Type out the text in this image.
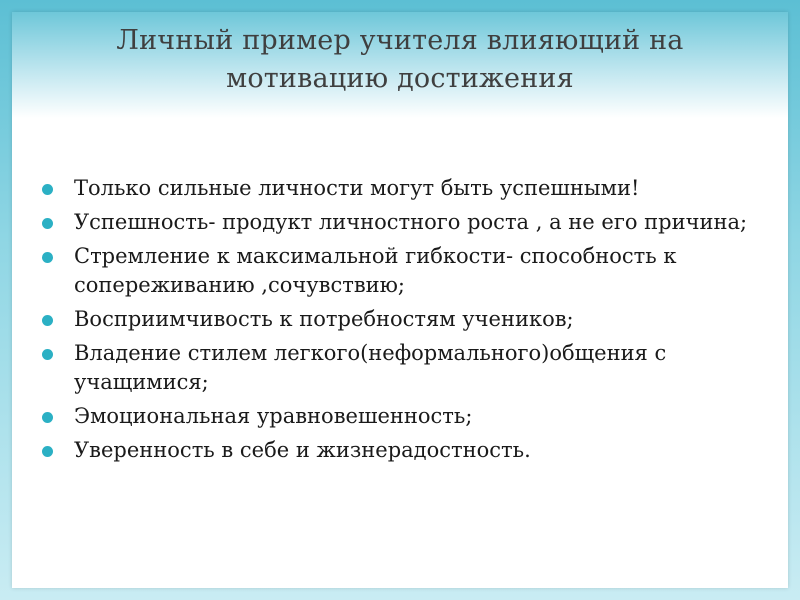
Личный пример учителя влияющий на
мотивацию достижения
Только сильные личности могут быть успешными!
Успешность- продукт личностного роста , а не его причина;
Стремление к максимальной гибкости- способность к сопереживанию ,сочувствию;
Восприимчивость к потребностям учеников;
Владение стилем легкого(неформального)общения с учащимися;
Эмоциональная уравновешенность;
Уверенность в себе и жизнерадостность.
